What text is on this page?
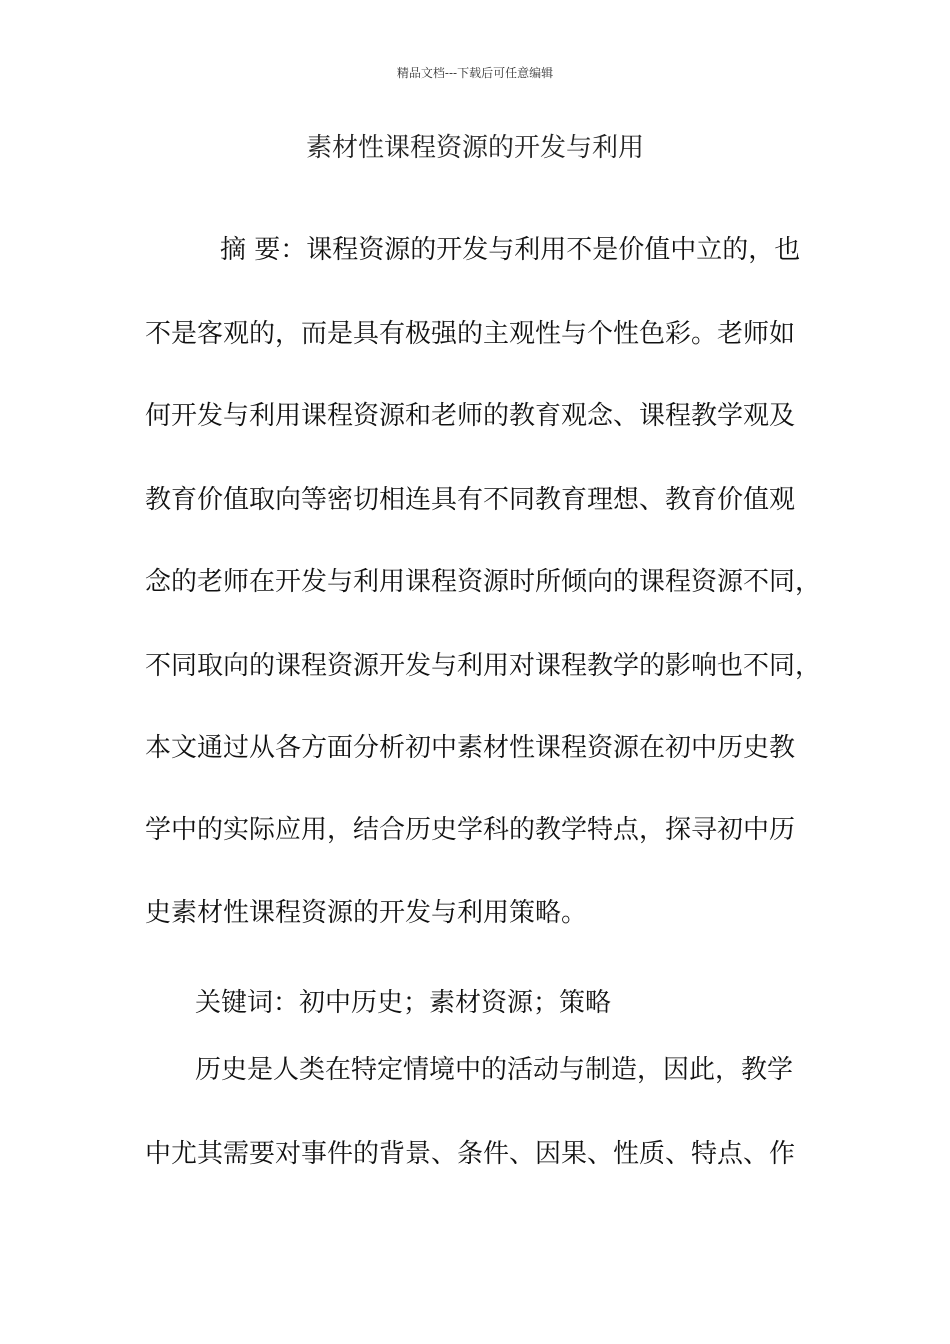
精品文档---下载后可任意编辑
素材性课程资源的开发与利用
摘 要：课程资源的开发与利用不是价值中立的，也
不是客观的，而是具有极强的主观性与个性色彩。老师如
何开发与利用课程资源和老师的教育观念、课程教学观及
教育价值取向等密切相连具有不同教育理想、教育价值观
念的老师在开发与利用课程资源时所倾向的课程资源不同，
不同取向的课程资源开发与利用对课程教学的影响也不同，
本文通过从各方面分析初中素材性课程资源在初中历史教
学中的实际应用，结合历史学科的教学特点，探寻初中历
史素材性课程资源的开发与利用策略。
关键词：初中历史；素材资源；策略
历史是人类在特定情境中的活动与制造，因此，教学
中尤其需要对事件的背景、条件、因果、性质、特点、作
